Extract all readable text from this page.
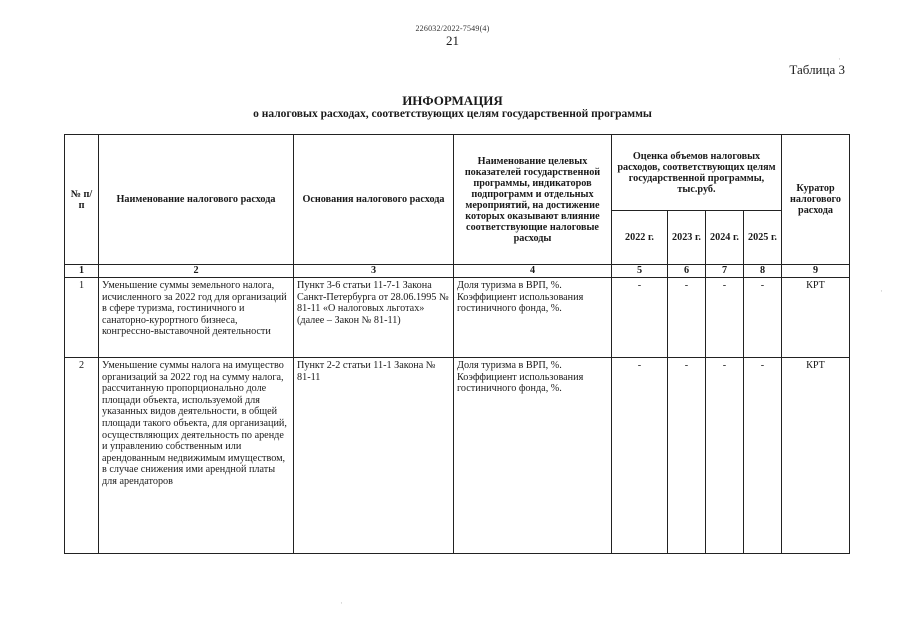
226032/2022-7549(4)
21
Таблица 3
ИНФОРМАЦИЯ
о налоговых расходах, соответствующих целям государственной программы
№ п/п	Наименование налогового расхода	Основания налогового расхода	Наименование целевых показателей государственной программы, индикаторов подпрограмм и отдельных мероприятий, на достижение которых оказывают влияние соответствующие налоговые расходы	Оценка объемов налоговых расходов, соответствующих целям государственной программы, тыс.руб.				Куратор налогового расхода
				2022 г.	2023 г.	2024 г.	2025 г.	
1	2	3	4	5	6	7	8	9
1	Уменьшение суммы земельного налога, исчисленного за 2022 год для организаций в сфере туризма, гостиничного и санаторно-курортного бизнеса, конгрессно-выставочной деятельности	Пункт 3-6 статьи 11-7-1 Закона Санкт-Петербурга от 28.06.1995 № 81-11 «О налоговых льготах» (далее – Закон № 81-11)	Доля туризма в ВРП, %. Коэффициент использования гостиничного фонда, %.	-	-	-	-	КРТ
2	Уменьшение суммы налога на имущество организаций за 2022 год на сумму налога, рассчитанную пропорционально доле площади объекта, используемой для указанных видов деятельности, в общей площади такого объекта, для организаций, осуществляющих деятельность по аренде и управлению собственным или арендованным недвижимым имуществом, в случае снижения ими арендной платы для арендаторов	Пункт 2-2 статьи 11-1 Закона № 81-11	Доля туризма в ВРП, %. Коэффициент использования гостиничного фонда, %.	-	-	-	-	КРТ
·
·
·
